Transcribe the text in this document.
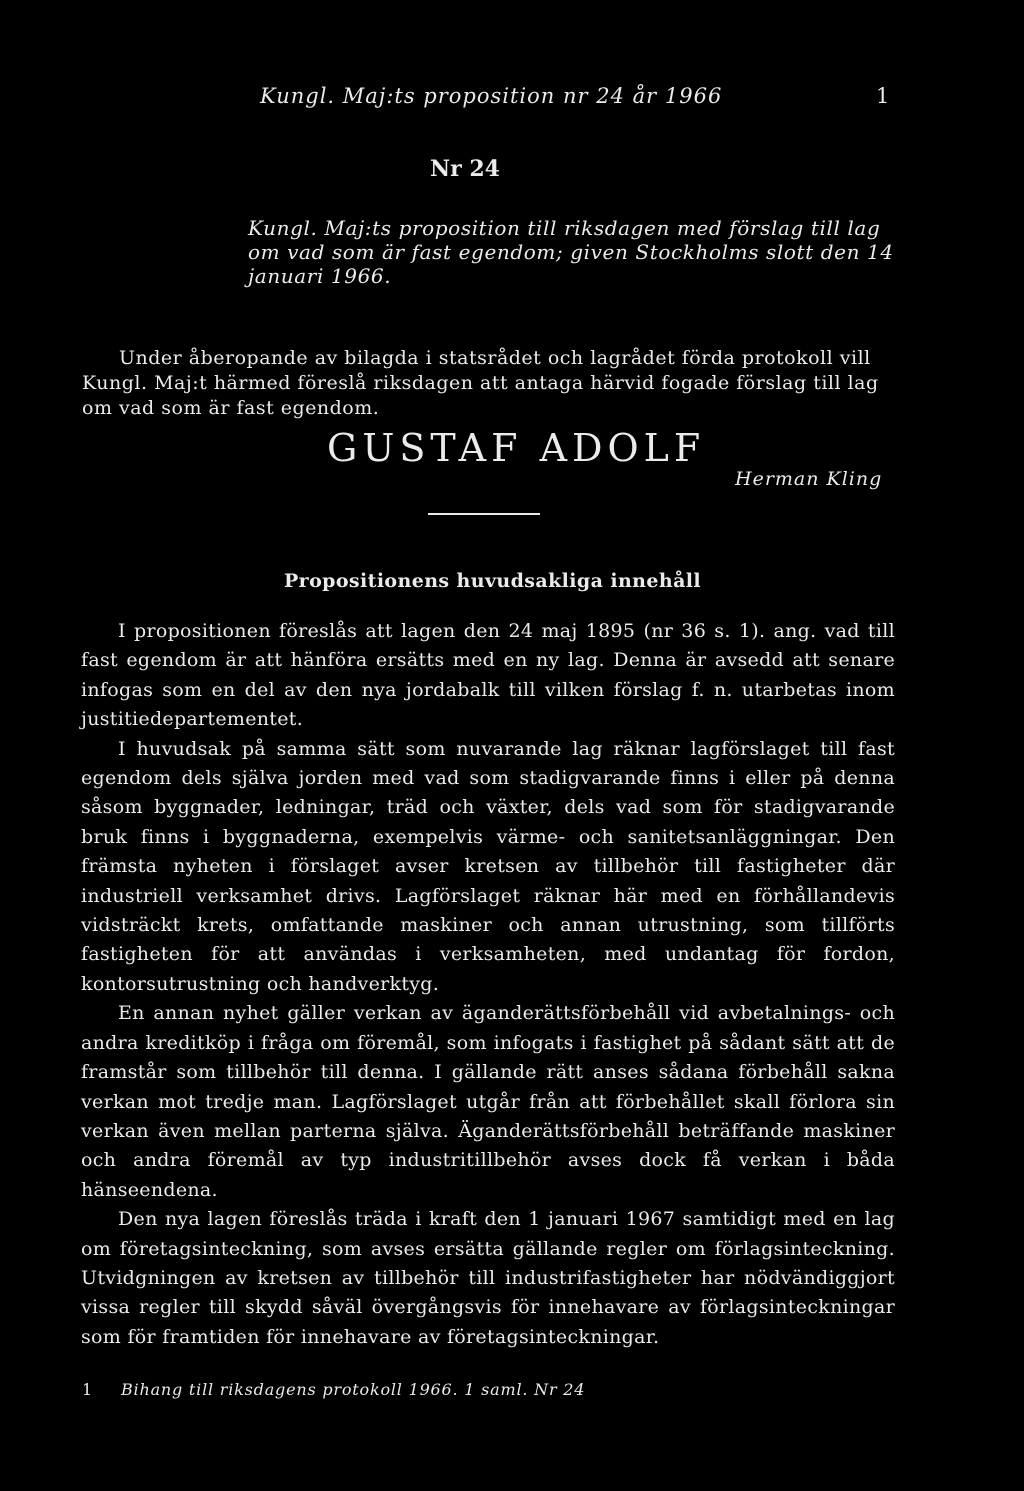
Kungl. Maj:ts proposition nr 24 år 1966	1
Nr 24
Kungl. Maj:ts proposition till riksdagen med förslag till lag om vad som är fast egendom; given Stockholms slott den 14 januari 1966.
Under åberopande av bilagda i statsrådet och lagrådet förda protokoll vill Kungl. Maj:t härmed föreslå riksdagen att antaga härvid fogade förslag till lag om vad som är fast egendom.
GUSTAF ADOLF
Herman Kling
Propositionens huvudsakliga innehåll

I propositionen föreslås att lagen den 24 maj 1895 (nr 36 s. 1). ang. vad till fast egendom är att hänföra ersätts med en ny lag. Denna är avsedd att senare infogas som en del av den nya jordabalk till vilken förslag f. n. utarbetas inom justitiedepartementet.

I huvudsak på samma sätt som nuvarande lag räknar lagförslaget till fast egendom dels själva jorden med vad som stadigvarande finns i eller på denna såsom byggnader, ledningar, träd och växter, dels vad som för stadigvarande bruk finns i byggnaderna, exempelvis värme- och sanitetsanläggningar. Den främsta nyheten i förslaget avser kretsen av tillbehör till fastigheter där industriell verksamhet drivs. Lagförslaget räknar här med en förhållandevis vidsträckt krets, omfattande maskiner och annan utrustning, som tillförts fastigheten för att användas i verksamheten, med undantag för fordon, kontorsutrustning och handverktyg.

En annan nyhet gäller verkan av äganderättsförbehåll vid avbetalnings- och andra kreditköp i fråga om föremål, som infogats i fastighet på sådant sätt att de framstår som tillbehör till denna. I gällande rätt anses sådana förbehåll sakna verkan mot tredje man. Lagförslaget utgår från att förbehållet skall förlora sin verkan även mellan parterna själva. Äganderättsförbehåll beträffande maskiner och andra föremål av typ industritillbehör avses dock få verkan i båda hänseendena.

Den nya lagen föreslås träda i kraft den 1 januari 1967 samtidigt med en lag om företagsinteckning, som avses ersätta gällande regler om förlagsinteckning. Utvidgningen av kretsen av tillbehör till industrifastigheter har nödvändiggjort vissa regler till skydd såväl övergångsvis för innehavare av förlagsinteckningar som för framtiden för innehavare av företagsinteckningar.

1 Bihang till riksdagens protokoll 1966. 1 saml. Nr 24
